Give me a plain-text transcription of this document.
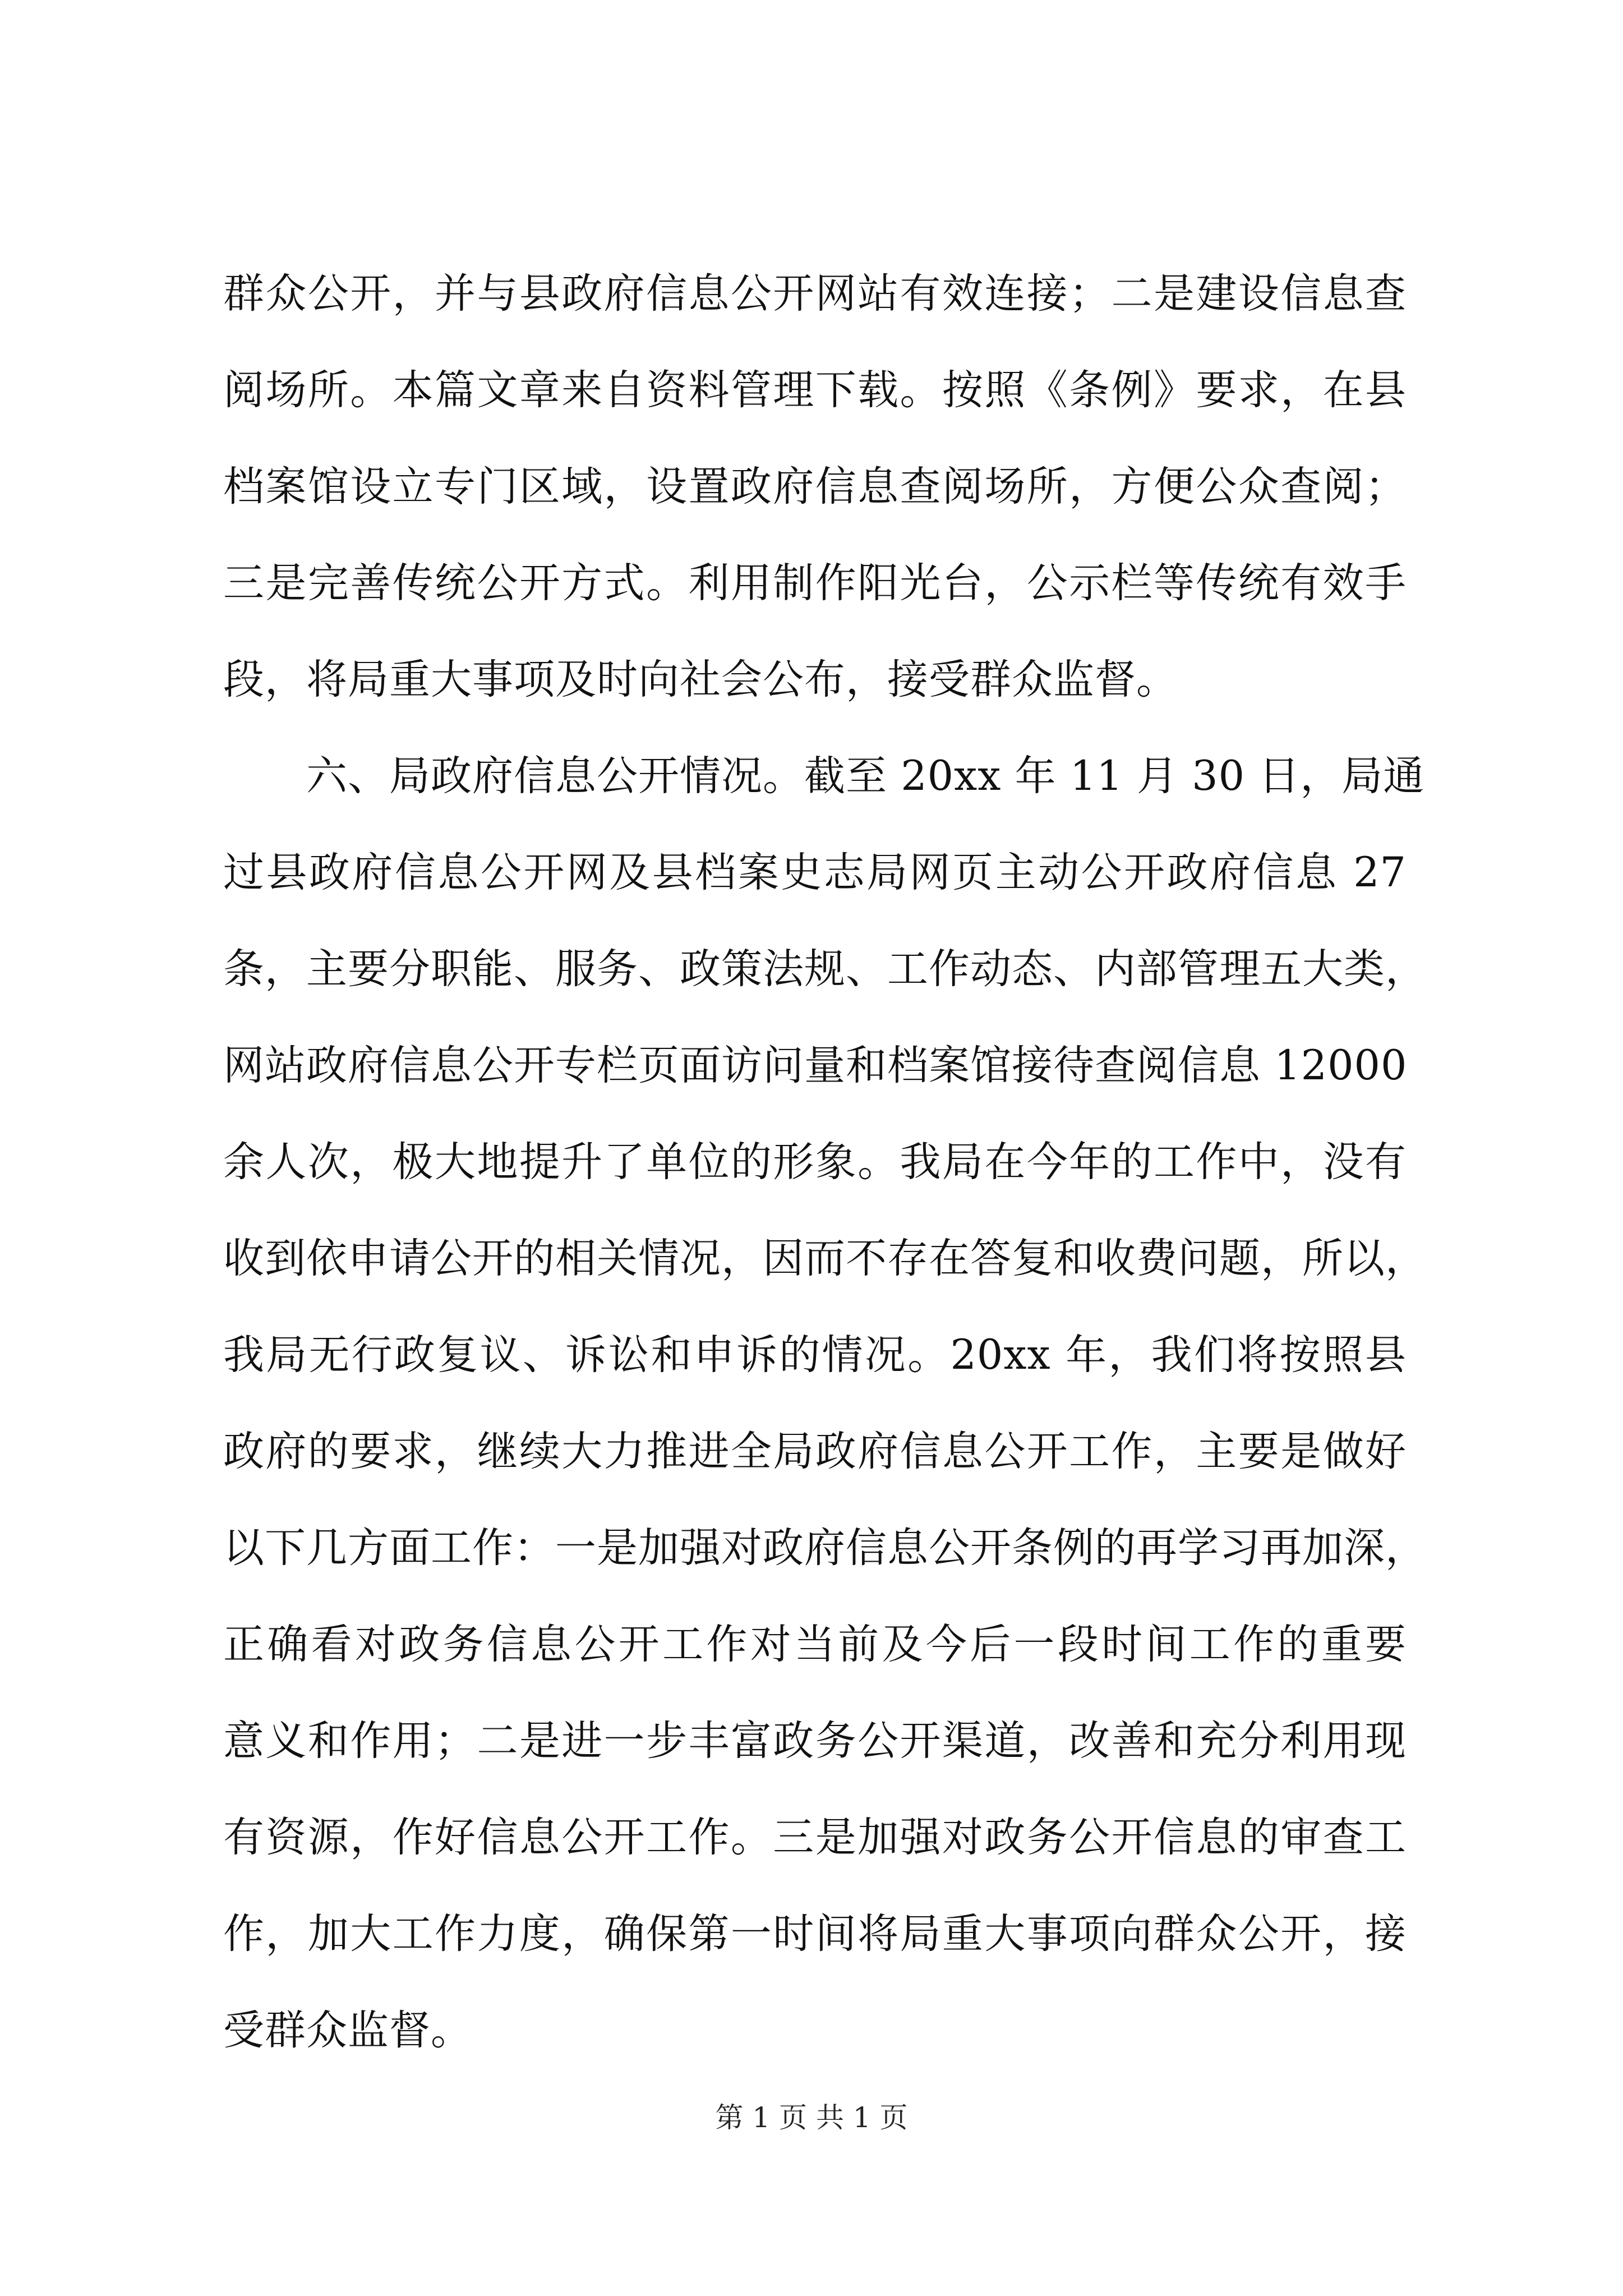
群众公开，并与县政府信息公开网站有效连接；二是建设信息查
阅场所。本篇文章来自资料管理下载。按照《条例》要求，在县
档案馆设立专门区域，设置政府信息查阅场所，方便公众查阅；
三是完善传统公开方式。利用制作阳光台，公示栏等传统有效手
段，将局重大事项及时向社会公布，接受群众监督。
　　六、局政府信息公开情况。截至 20xx 年 11 月 30 日，局通
过县政府信息公开网及县档案史志局网页主动公开政府信息 27
条，主要分职能、服务、政策法规、工作动态、内部管理五大类，
网站政府信息公开专栏页面访问量和档案馆接待查阅信息 12000
余人次，极大地提升了单位的形象。我局在今年的工作中，没有
收到依申请公开的相关情况，因而不存在答复和收费问题，所以，
我局无行政复议、诉讼和申诉的情况。20xx 年，我们将按照县
政府的要求，继续大力推进全局政府信息公开工作，主要是做好
以下几方面工作：一是加强对政府信息公开条例的再学习再加深，
正确看对政务信息公开工作对当前及今后一段时间工作的重要
意义和作用；二是进一步丰富政务公开渠道，改善和充分利用现
有资源，作好信息公开工作。三是加强对政务公开信息的审查工
作，加大工作力度，确保第一时间将局重大事项向群众公开，接
受群众监督。
第 1 页 共 1 页
